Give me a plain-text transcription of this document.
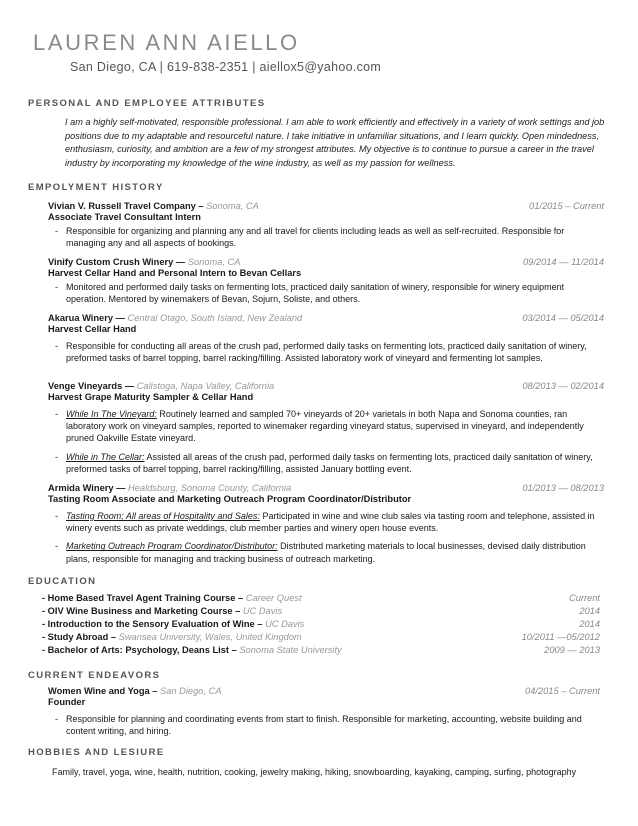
LAUREN ANN AIELLO
San Diego, CA | 619-838-2351 | aiellox5@yahoo.com
PERSONAL AND EMPLOYEE ATTRIBUTES
I am a highly self-motivated, responsible professional. I am able to work efficiently and effectively in a variety of work settings and job positions due to my adaptable and resourceful nature. I take initiative in unfamiliar situations, and I learn quickly. Open mindedness, enthusiasm, curiosity, and ambition are a few of my strongest attributes. My objective is to continue to pursue a career in the travel industry by incorporating my knowledge of the wine industry, as well as my passion for wellness.
EMPOLYMENT HISTORY
Vivian V. Russell Travel Company – Sonoma, CA	01/2015 – Current
Associate Travel Consultant Intern
- Responsible for organizing and planning any and all travel for clients including leads as well as self-recruited. Responsible for managing any and all aspects of bookings.
Vinify Custom Crush Winery — Sonoma, CA	09/2014 — 11/2014
Harvest Cellar Hand and Personal Intern to Bevan Cellars
- Monitored and performed daily tasks on fermenting lots, practiced daily sanitation of winery, responsible for winery equipment operation. Mentored by winemakers of Bevan, Sojurn, Soliste, and others.
Akarua Winery — Central Otago, South Island, New Zealand	03/2014 — 05/2014
Harvest Cellar Hand
- Responsible for conducting all areas of the crush pad, performed daily tasks on fermenting lots, practiced daily sanitation of winery, preformed tasks of barrel topping, barrel racking/filling. Assisted laboratory work of vineyard and fermenting lot samples.
Venge Vineyards — Calistoga, Napa Valley, California	08/2013 — 02/2014
Harvest Grape Maturity Sampler & Cellar Hand
- While In The Vineyard: Routinely learned and sampled 70+ vineyards of 20+ varietals in both Napa and Sonoma counties, ran laboratory work on vineyard samples, reported to winemaker regarding vineyard status, supervised in vineyard, and independently pruned Oakville Estate vineyard.
- While in The Cellar: Assisted all areas of the crush pad, performed daily tasks on fermenting lots, practiced daily sanitation of winery, preformed tasks of barrel topping, barrel racking/filling, assisted January bottling event.
Armida Winery — Healdsburg, Sonoma County, California	01/2013 — 08/2013
Tasting Room Associate and Marketing Outreach Program Coordinator/Distributor
- Tasting Room; All areas of Hospitality and Sales: Participated in wine and wine club sales via tasting room and telephone, assisted in winery events such as private weddings, club member parties and winery open house events.
- Marketing Outreach Program Coordinator/Distributor: Distributed marketing materials to local businesses, devised daily distribution plans, responsible for managing and tracking business of outreach marketing.
EDUCATION
- Home Based Travel Agent Training Course – Career Quest	Current
- OIV Wine Business and Marketing Course – UC Davis	2014
- Introduction to the Sensory Evaluation of Wine – UC Davis	2014
- Study Abroad – Swansea University, Wales, United Kingdom	10/2011 —05/2012
- Bachelor of Arts: Psychology, Deans List – Sonoma State University	2009 — 2013
CURRENT ENDEAVORS
Women Wine and Yoga – San Diego, CA	04/2015 – Current
Founder
- Responsible for planning and coordinating events from start to finish. Responsible for marketing, accounting, website building and content writing, and hiring.
HOBBIES AND LESIURE
Family, travel, yoga, wine, health, nutrition, cooking, jewelry making, hiking, snowboarding, kayaking, camping, surfing, photography
